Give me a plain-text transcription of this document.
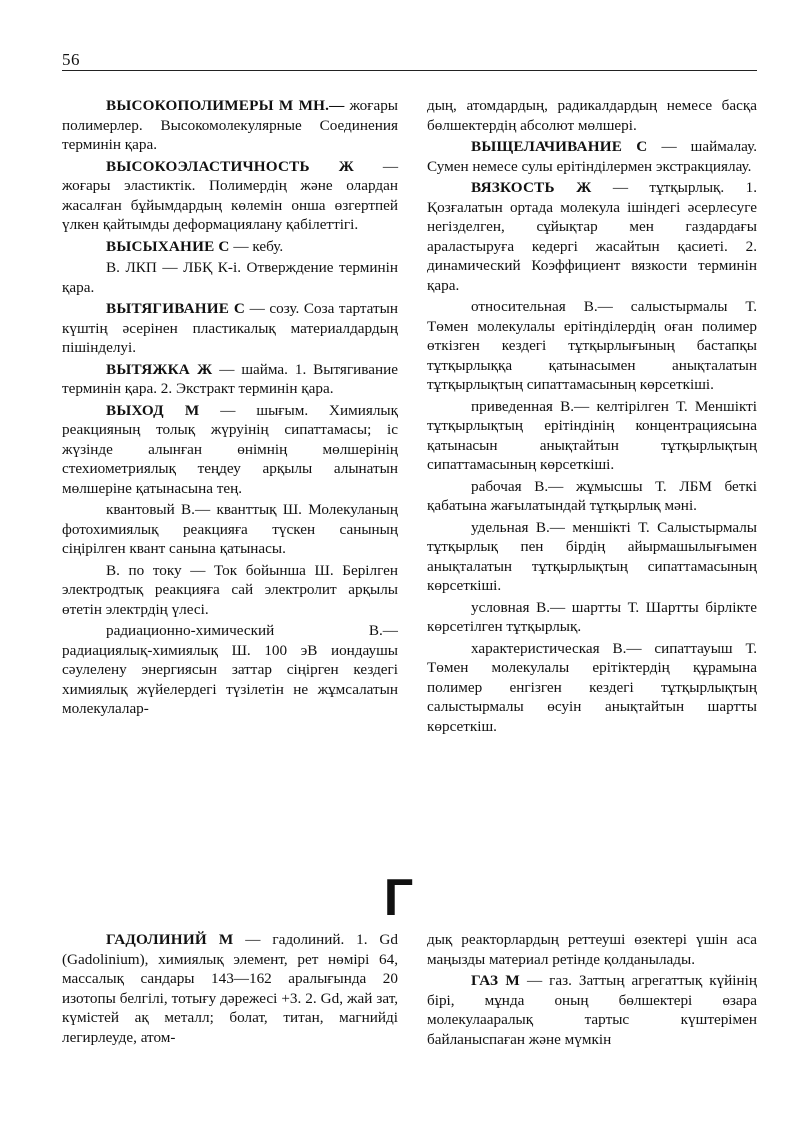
56

ВЫСОКОПОЛИМЕРЫ М МН.— жоғары полимерлер. Высокомолекулярные Соединения терминін қара.

ВЫСОКОЭЛАСТИЧНОСТЬ Ж — жоғары эластиктік. Полимердің және олардан жасалған бұйымдардың көлемін онша өзгертпей үлкен қайтымды деформациялану қабілеттігі.

ВЫСЫХАНИЕ С — кебу.

В. ЛКП — ЛБҚ К-і. Отверждение терминін қара.

ВЫТЯГИВАНИЕ С — созу. Соза тартатын күштің әсерінен пластикалық материалдардың пішінделуі.

ВЫТЯЖКА Ж — шайма. 1. Вытягивание терминін қара. 2. Экстракт терминін қара.

ВЫХОД М — шығым. Химиялық реакцияның толық жүруінің сипаттамасы; іс жүзінде алынған өнімнің мөлшерінің стехиометриялық теңдеу арқылы алынатын мөлшеріне қатынасына тең.

квантовый В.— кванттық Ш. Молекуланың фотохимиялық реакцияға түскен санының сіңірілген квант санына қатынасы.

В. по току — Ток бойынша Ш. Берілген электродтық реакцияға сай электролит арқылы өтетін электрдің үлесі.

радиационно-химический В.— радиациялық-химиялық Ш. 100 эВ иондаушы сәулелену энергиясын заттар сіңірген кездегі химиялық жүйелердегі түзілетін не жұмсалатын молекулалар-

дың, атомдардың, радикалдардың немесе басқа бөлшектердің абсолют мөлшері.

ВЫЩЕЛАЧИВАНИЕ С — шаймалау. Сумен немесе сулы ерітінділермен экстракциялау.

ВЯЗКОСТЬ Ж — тұтқырлық. 1. Қозғалатын ортада молекула ішіндегі әсерлесуге негізделген, сұйықтар мен газдардағы араластыруға кедергі жасайтын қасиеті. 2. динамический Коэффициент вязкости терминін қара.

относительная В.— салыстырмалы Т. Төмен молекулалы ерітінділердің оған полимер өткізген кездегі тұтқырлығының бастапқы тұтқырлыққа қатынасымен анықталатын тұтқырлықтың сипаттамасының көрсеткіші.

приведенная В.— келтірілген Т. Меншікті тұтқырлықтың ерітіндінің концентрациясына қатынасын анықтайтын тұтқырлықтың сипаттамасының көрсеткіші.

рабочая В.— жұмысшы Т. ЛБМ беткі қабатына жағылатындай тұтқырлық мәні.

удельная В.— меншікті Т. Салыстырмалы тұтқырлық пен бірдің айырмашылығымен анықталатын тұтқырлықтың сипаттамасының көрсеткіші.

условная В.— шартты Т. Шартты бірлікте көрсетілген тұтқырлық.

характеристическая В.— сипаттауыш Т. Төмен молекулалы ерітіктердің құрамына полимер енгізген кездегі тұтқырлықтың салыстырмалы өсуін анықтайтын шартты көрсеткіш.

Г

ГАДОЛИНИЙ М — гадолиний. 1. Gd (Gadolinium), химиялық элемент, рет нөмірі 64, массалық сандары 143—162 аралығында 20 изотопы белгілі, тотығу дәрежесі +3. 2. Gd, жай зат, күмістей ақ металл; болат, титан, магнийді легирлеуде, атом-

дық реакторлардың реттеуші өзектері үшін аса маңызды материал ретінде қолданылады.

ГАЗ М — газ. Заттың агрегаттық күйінің бірі, мұнда оның бөлшектері өзара молекулааралық тартыс күштерімен байланыспаған және мүмкін
